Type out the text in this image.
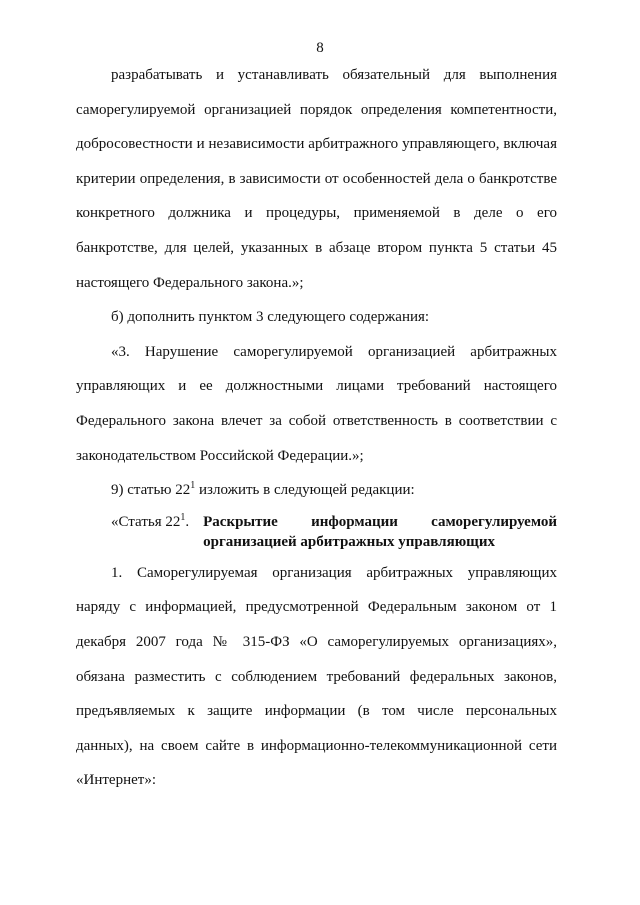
8

разрабатывать и устанавливать обязательный для выполнения саморегулируемой организацией порядок определения компетентности, добросовестности и независимости арбитражного управляющего, включая критерии определения, в зависимости от особенностей дела о банкротстве конкретного должника и процедуры, применяемой в деле о его банкротстве, для целей, указанных в абзаце втором пункта 5 статьи 45 настоящего Федерального закона.»;

б) дополнить пунктом 3 следующего содержания:

«3. Нарушение саморегулируемой организацией арбитражных управляющих и ее должностными лицами требований настоящего Федерального закона влечет за собой ответственность в соответствии с законодательством Российской Федерации.»;

9) статью $22^1$ изложить в следующей редакции:

«Статья $22^1$. Раскрытие информации саморегулируемой
организацией арбитражных управляющих

1. Саморегулируемая организация арбитражных управляющих наряду с информацией, предусмотренной Федеральным законом от 1 декабря 2007 года № 315-ФЗ «О саморегулируемых организациях», обязана разместить с соблюдением требований федеральных законов, предъявляемых к защите информации (в том числе персональных данных), на своем сайте в информационно-телекоммуникационной сети «Интернет»:
